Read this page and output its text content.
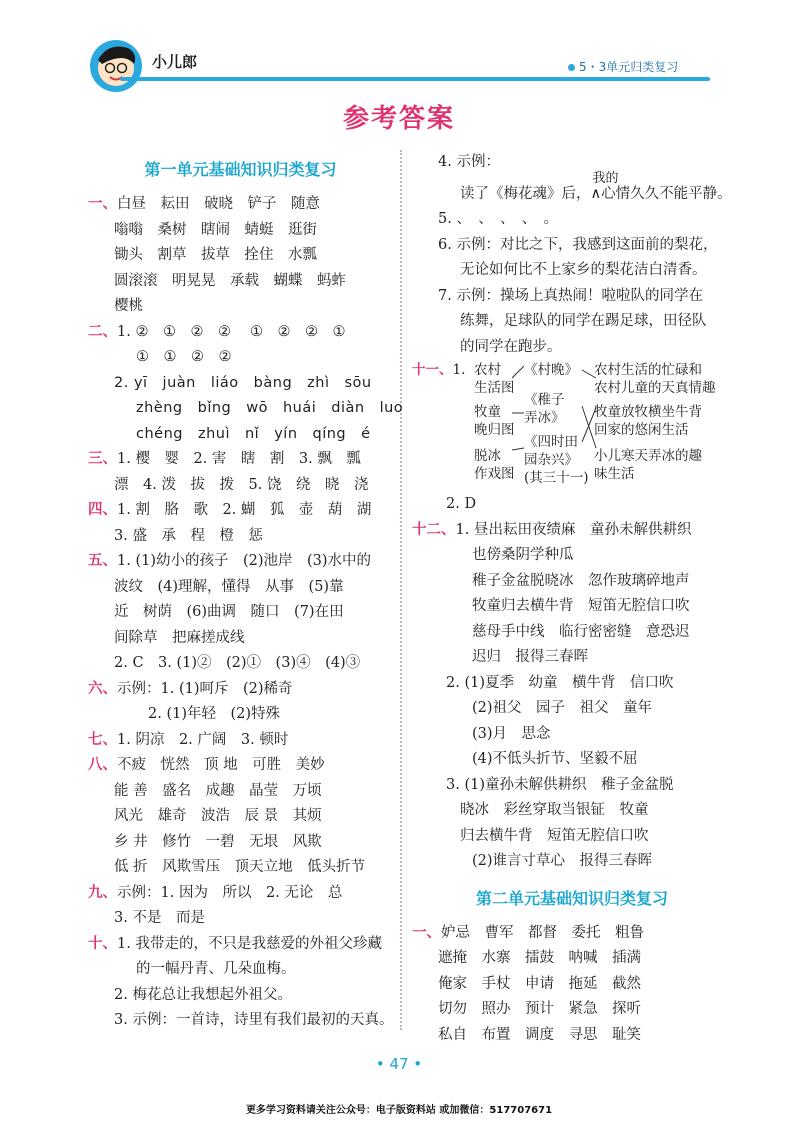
小儿郎	5・3单元归类复习
参考答案
第一单元基础知识归类复习
一、白昼　耘田　破晓　铲子　随意
嗡嗡　桑树　瞎闹　蜻蜓　逛街
锄头　割草　拔草　拴住　水瓢
圆滚滚　明晃晃　承载　蝴蝶　蚂蚱
樱桃
二、1. ②　①　②　②　 ①　②　②　①
①　①　②　②
2. yī　juàn　liáo　bàng　zhì　sōu
zhèng　bǐng　wō　huái　diàn　luo
chéng　zhuì　nǐ　yín　qíng　é
三、1. 樱　婴　2. 害　瞎　割　3. 飘　瓢
漂　4. 泼　拔　拨　5. 饶　绕　晓　浇
四、1. 割　胳　歌　2. 蝴　狐　壶　葫　湖
3. 盛　承　程　橙　惩
五、1. (1)幼小的孩子　(2)池岸　(3)水中的
波纹　(4)理解，懂得　从事　(5)靠
近　树荫　(6)曲调　随口　(7)在田
间除草　把麻搓成线
2. C　3. (1)②　(2)①　(3)④　(4)③
六、示例：1. (1)呵斥　(2)稀奇
2. (1)年轻　(2)特殊
七、1. 阴凉　2. 广阔　3. 顿时
八、不疲　恍然　顶 地　可胜　美妙
能 善　盛名　成趣　晶莹　万顷
风光　雄奇　波浩　辰 景　其烦
乡 井　修竹　一碧　无垠　风欺
低 折　风欺雪压　顶天立地　低头折节
九、示例：1. 因为　所以　2. 无论　总
3. 不是　而是
十、1. 我带走的，不只是我慈爱的外祖父珍藏
的一幅丹青、几朵血梅。
2. 梅花总让我想起外祖父。
3. 示例：一首诗，诗里有我们最初的天真。
4. 示例：
读了《梅花魂》后，
我的
∧心情久久不能平静。
5. 、　、　、　、　。
6. 示例：对比之下，我感到这面前的梨花，
无论如何比不上家乡的梨花洁白清香。
7. 示例：操场上真热闹！啦啦队的同学在
练舞，足球队的同学在踢足球，田径队
的同学在跑步。
十一、1. 农村
生活图
牧童
晚归图
脱冰
作戏图
《村晚》
《稚子
弄冰》
《四时田
园杂兴》
(其三十一)
农村生活的忙碌和
农村儿童的天真情趣
牧童放牧横坐牛背
回家的悠闲生活
小儿寒天弄冰的趣
味生活
2. D
十二、1. 昼出耘田夜绩麻　童孙未解供耕织
也傍桑阴学种瓜
稚子金盆脱晓冰　忽作玻璃碎地声
牧童归去横牛背　短笛无腔信口吹
慈母手中线　临行密密缝　意恐迟
迟归　报得三春晖
2. (1)夏季　幼童　横牛背　信口吹
(2)祖父　园子　祖父　童年
(3)月　思念
(4)不低头折节、坚毅不屈
3. (1)童孙未解供耕织　稚子金盆脱
晓冰　彩丝穿取当银钲　牧童
归去横牛背　短笛无腔信口吹
(2)谁言寸草心　报得三春晖
第二单元基础知识归类复习
一、妒忌　曹军　都督　委托　粗鲁
遮掩　水寨　擂鼓　呐喊　插满
俺家　手杖　申请　拖延　截然
切勿　照办　预计　紧急　探听
私自　布置　调度　寻思　耻笑
• 47 •
更多学习资料请关注公众号：电子版资料站 或加微信：517707671
